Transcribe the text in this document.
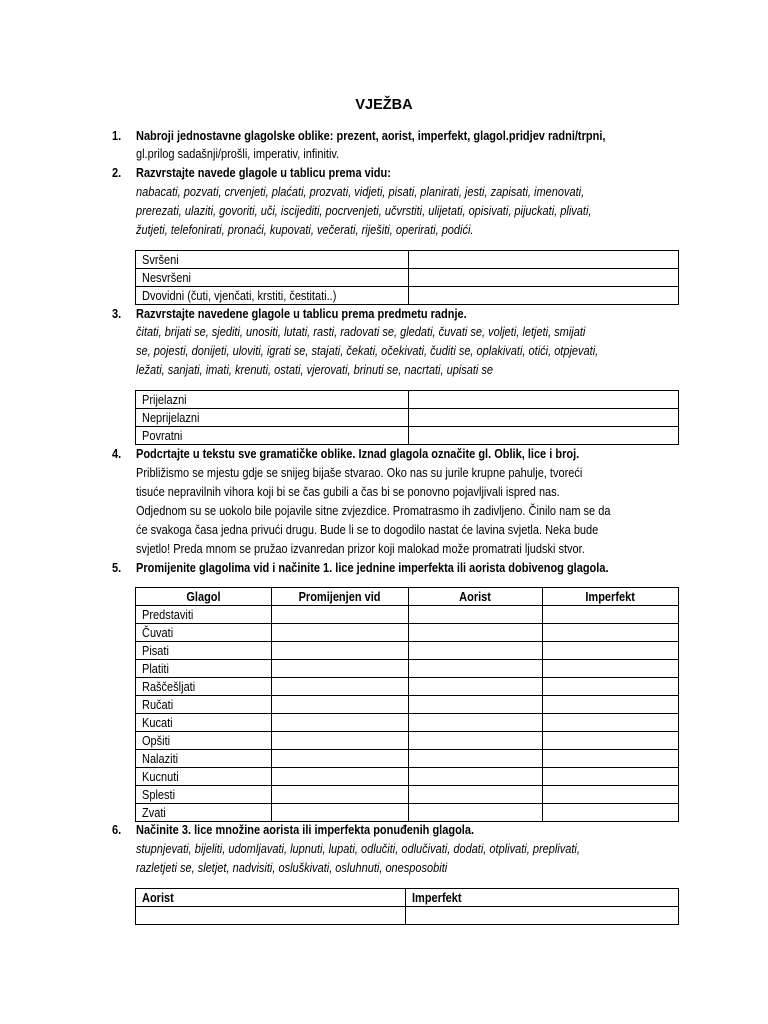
VJEŽBA
1. Nabroji jednostavne glagolske oblike: prezent, aorist, imperfekt, glagol.pridjev radni/trpni,
gl.prilog sadašnji/prošli, imperativ, infinitiv.
2. Razvrstajte navede glagole u tablicu prema vidu:
nabacati, pozvati, crvenjeti, plaćati, prozvati, vidjeti, pisati, planirati, jesti, zapisati, imenovati,
prerezati, ulaziti, govoriti, uči, iscijediti, pocrvenjeti, učvrstiti, ulijetati, opisivati, pijuckati, plivati,
žutjeti, telefonirati, pronaći, kupovati, večerati, riješiti, operirati, podići.
Svršeni	
Nesvršeni	
Dvovidni (čuti, vjenčati, krstiti, čestitati..)	
3. Razvrstajte navedene glagole u tablicu prema predmetu radnje.
čitati, brijati se, sjediti, unositi, lutati, rasti, radovati se, gledati, čuvati se, voljeti, letjeti, smijati
se, pojesti, donijeti, uloviti, igrati se, stajati, čekati, očekivati, čuditi se, oplakivati, otići, otpjevati,
ležati, sanjati, imati, krenuti, ostati, vjerovati, brinuti se, nacrtati, upisati se
Prijelazni	
Neprijelazni	
Povratni	
4. Podcrtajte u tekstu sve gramatičke oblike. Iznad glagola označite gl. Oblik, lice i broj.
Približismo se mjestu gdje se snijeg bijaše stvarao. Oko nas su jurile krupne pahulje, tvoreći
tisuće nepravilnih vihora koji bi se čas gubili a čas bi se ponovno pojavljivali ispred nas.
Odjednom su se uokolo bile pojavile sitne zvjezdice. Promatrasmo ih zadivljeno. Činilo nam se da
će svakoga časa jedna privući drugu. Bude li se to dogodilo nastat će lavina svjetla. Neka bude
svjetlo! Preda mnom se pružao izvanredan prizor koji malokad može promatrati ljudski stvor.
5. Promijenite glagolima vid i načinite 1. lice jednine imperfekta ili aorista dobivenog glagola.
Glagol	Promijenjen vid	Aorist	Imperfekt
Predstaviti			
Čuvati			
Pisati			
Platiti			
Raščešljati			
Ručati			
Kucati			
Opšiti			
Nalaziti			
Kucnuti			
Splesti			
Zvati			
6. Načinite 3. lice množine aorista ili imperfekta ponuđenih glagola.
stupnjevati, bijeliti, udomljavati, lupnuti, lupati, odlučiti, odlučivati, dodati, otplivati, preplivati,
razletjeti se, sletjet, nadvisiti, osluškivati, osluhnuti, onesposobiti
Aorist	Imperfekt
